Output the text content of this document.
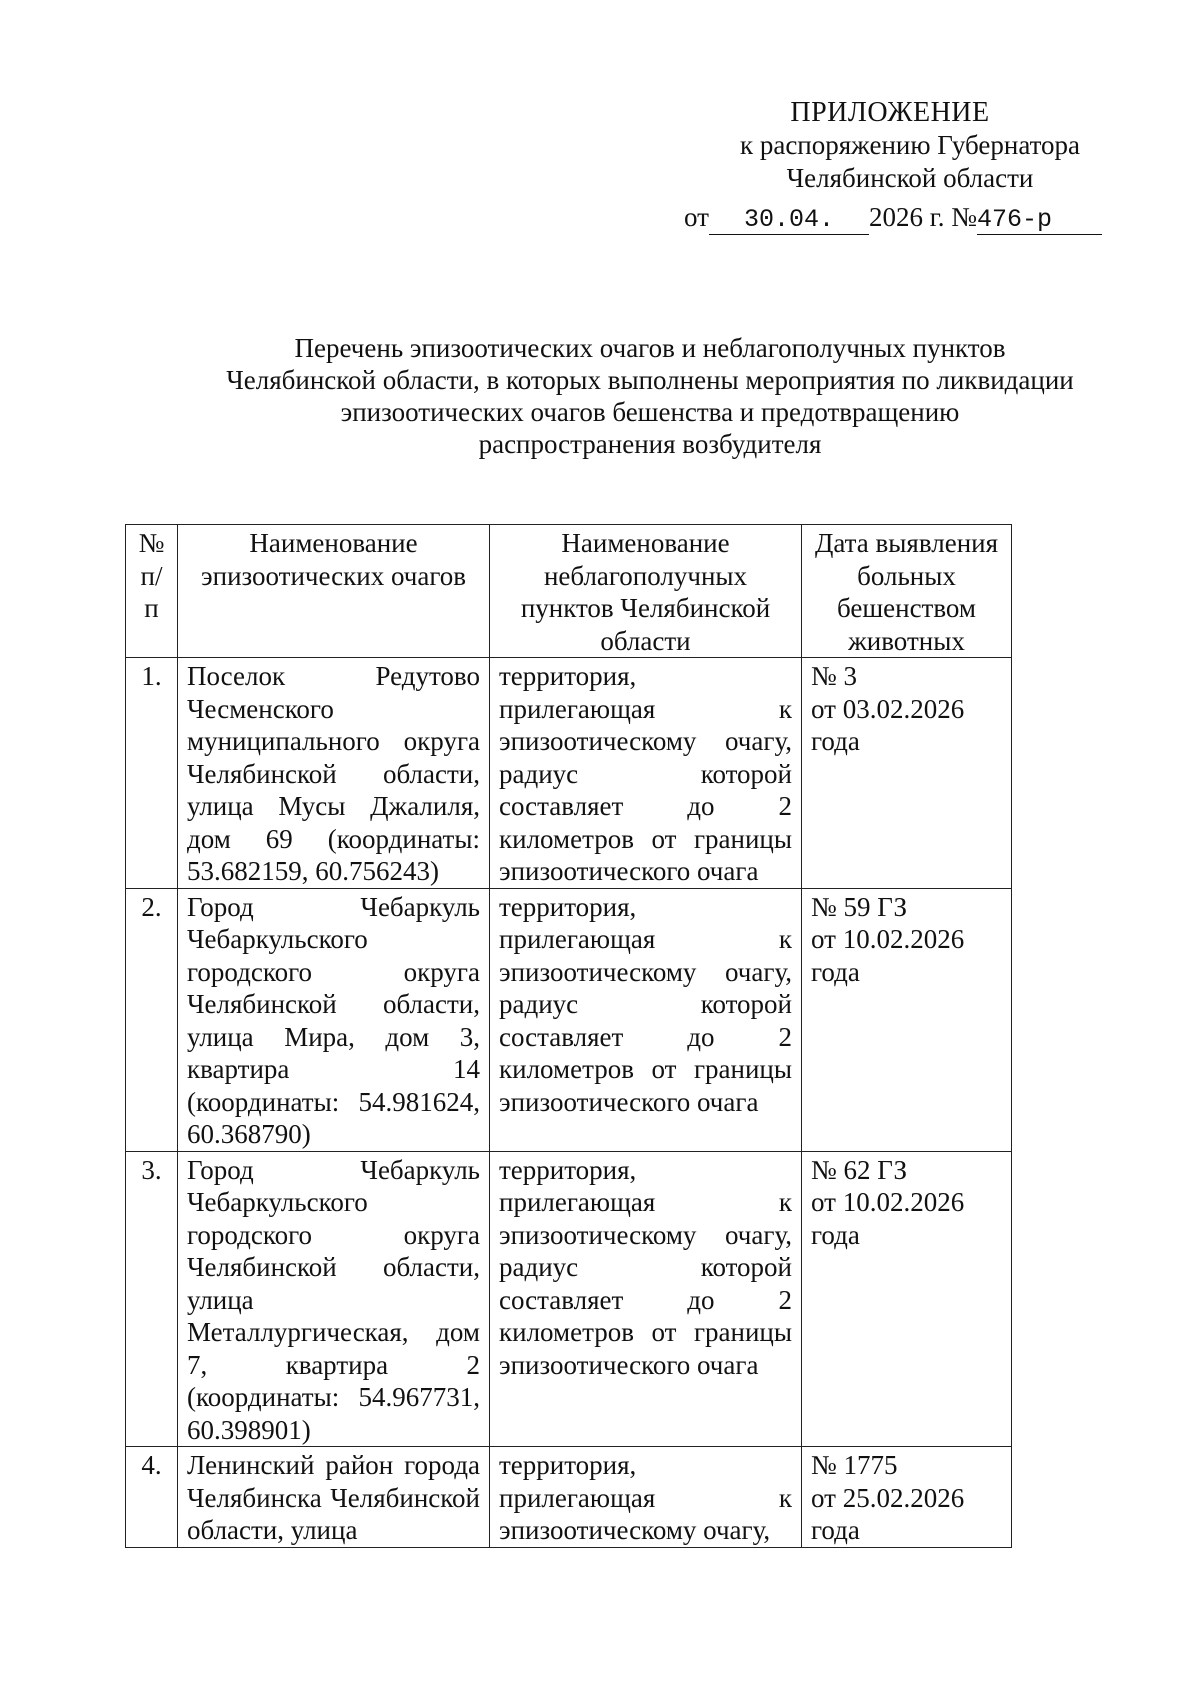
ПРИЛОЖЕНИЕ
к распоряжению Губернатора
Челябинской области
от 30.04. 2026 г. №476-р
Перечень эпизоотических очагов и неблагополучных пунктов
Челябинской области, в которых выполнены мероприятия по ликвидации
эпизоотических очагов бешенства и предотвращению
распространения возбудителя
№ п/п	Наименование эпизоотических очагов	Наименование неблагополучных пунктов Челябинской области	Дата выявления больных бешенством животных
1.	Поселок Редутово Чесменского муниципального округа Челябинской области, улица Мусы Джалиля, дом 69 (координаты: 53.682159, 60.756243)	территория, прилегающая к эпизоотическому очагу, радиус которой составляет до 2 километров от границы эпизоотического очага	№ 3
от 03.02.2026 года

2.	Город Чебаркуль Чебаркульского городского округа Челябинской области, улица Мира, дом 3, квартира 14 (координаты: 54.981624, 60.368790)	территория, прилегающая к эпизоотическому очагу, радиус которой составляет до 2 километров от границы эпизоотического очага	№ 59 ГЗ
от 10.02.2026 года

3.	Город Чебаркуль Чебаркульского городского округа Челябинской области, улица Металлургическая, дом 7, квартира 2 (координаты: 54.967731, 60.398901)	территория, прилегающая к эпизоотическому очагу, радиус которой составляет до 2 километров от границы эпизоотического очага	№ 62 ГЗ
от 10.02.2026 года

4.	Ленинский район города Челябинска Челябинской области, улица	территория, прилегающая к эпизоотическому очагу,	№ 1775
от 25.02.2026 года
